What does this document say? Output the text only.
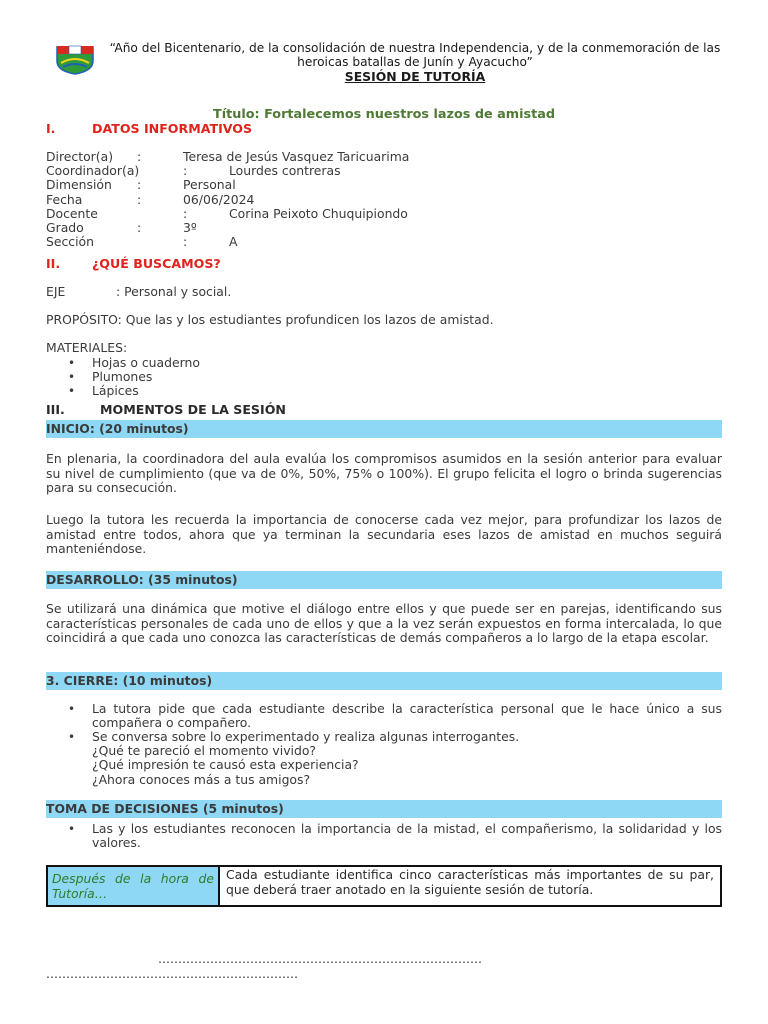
“Año del Bicentenario, de la consolidación de nuestra Independencia, y de la conmemoración de las heroicas batallas de Junín y Ayacucho”
SESIÓN DE TUTORÍA
Título: Fortalecemos nuestros lazos de amistad
I.	DATOS INFORMATIVOS
Director(a) :	Teresa de Jesús Vasquez Taricuarima
Coordinador(a)	:	Lourdes contreras
Dimensión :	Personal
Fecha	:	06/06/2024
Docente	:	Corina Peixoto Chuquipiondo
Grado	:	3º
Sección	:	A
II.	¿QUÉ BUSCAMOS?
EJE	: Personal y social.
PROPÓSITO: Que las y los estudiantes profundicen los lazos de amistad.
MATERIALES:
• Hojas o cuaderno
• Plumones
• Lápices
III.	MOMENTOS DE LA SESIÓN
INICIO: (20 minutos)
En plenaria, la coordinadora del aula evalúa los compromisos asumidos en la sesión anterior para evaluar su nivel de cumplimiento (que va de 0%, 50%, 75% o 100%). El grupo felicita el logro o brinda sugerencias para su consecución.
Luego la tutora les recuerda la importancia de conocerse cada vez mejor, para profundizar los lazos de amistad entre todos, ahora que ya terminan la secundaria eses lazos de amistad en muchos seguirá manteniéndose.
DESARROLLO: (35 minutos)
Se utilizará una dinámica que motive el diálogo entre ellos y que puede ser en parejas, identificando sus características personales de cada uno de ellos y que a la vez serán expuestos en forma intercalada, lo que coincidirá a que cada uno conozca las características de demás compañeros a lo largo de la etapa escolar.
3. CIERRE: (10 minutos)
• La tutora pide que cada estudiante describe la característica personal que le hace único a sus compañera o compañero.
• Se conversa sobre lo experimentado y realiza algunas interrogantes.
¿Qué te pareció el momento vivido?
¿Qué impresión te causó esta experiencia?
¿Ahora conoces más a tus amigos?
TOMA DE DECISIONES (5 minutos)
• Las y los estudiantes reconocen la importancia de la mistad, el compañerismo, la solidaridad y los valores.
Después de la hora de Tutoría…
Cada estudiante identifica cinco características más importantes de su par, que deberá traer anotado en la siguiente sesión de tutoría.
………………………………………………………………………
………………………………………………………
